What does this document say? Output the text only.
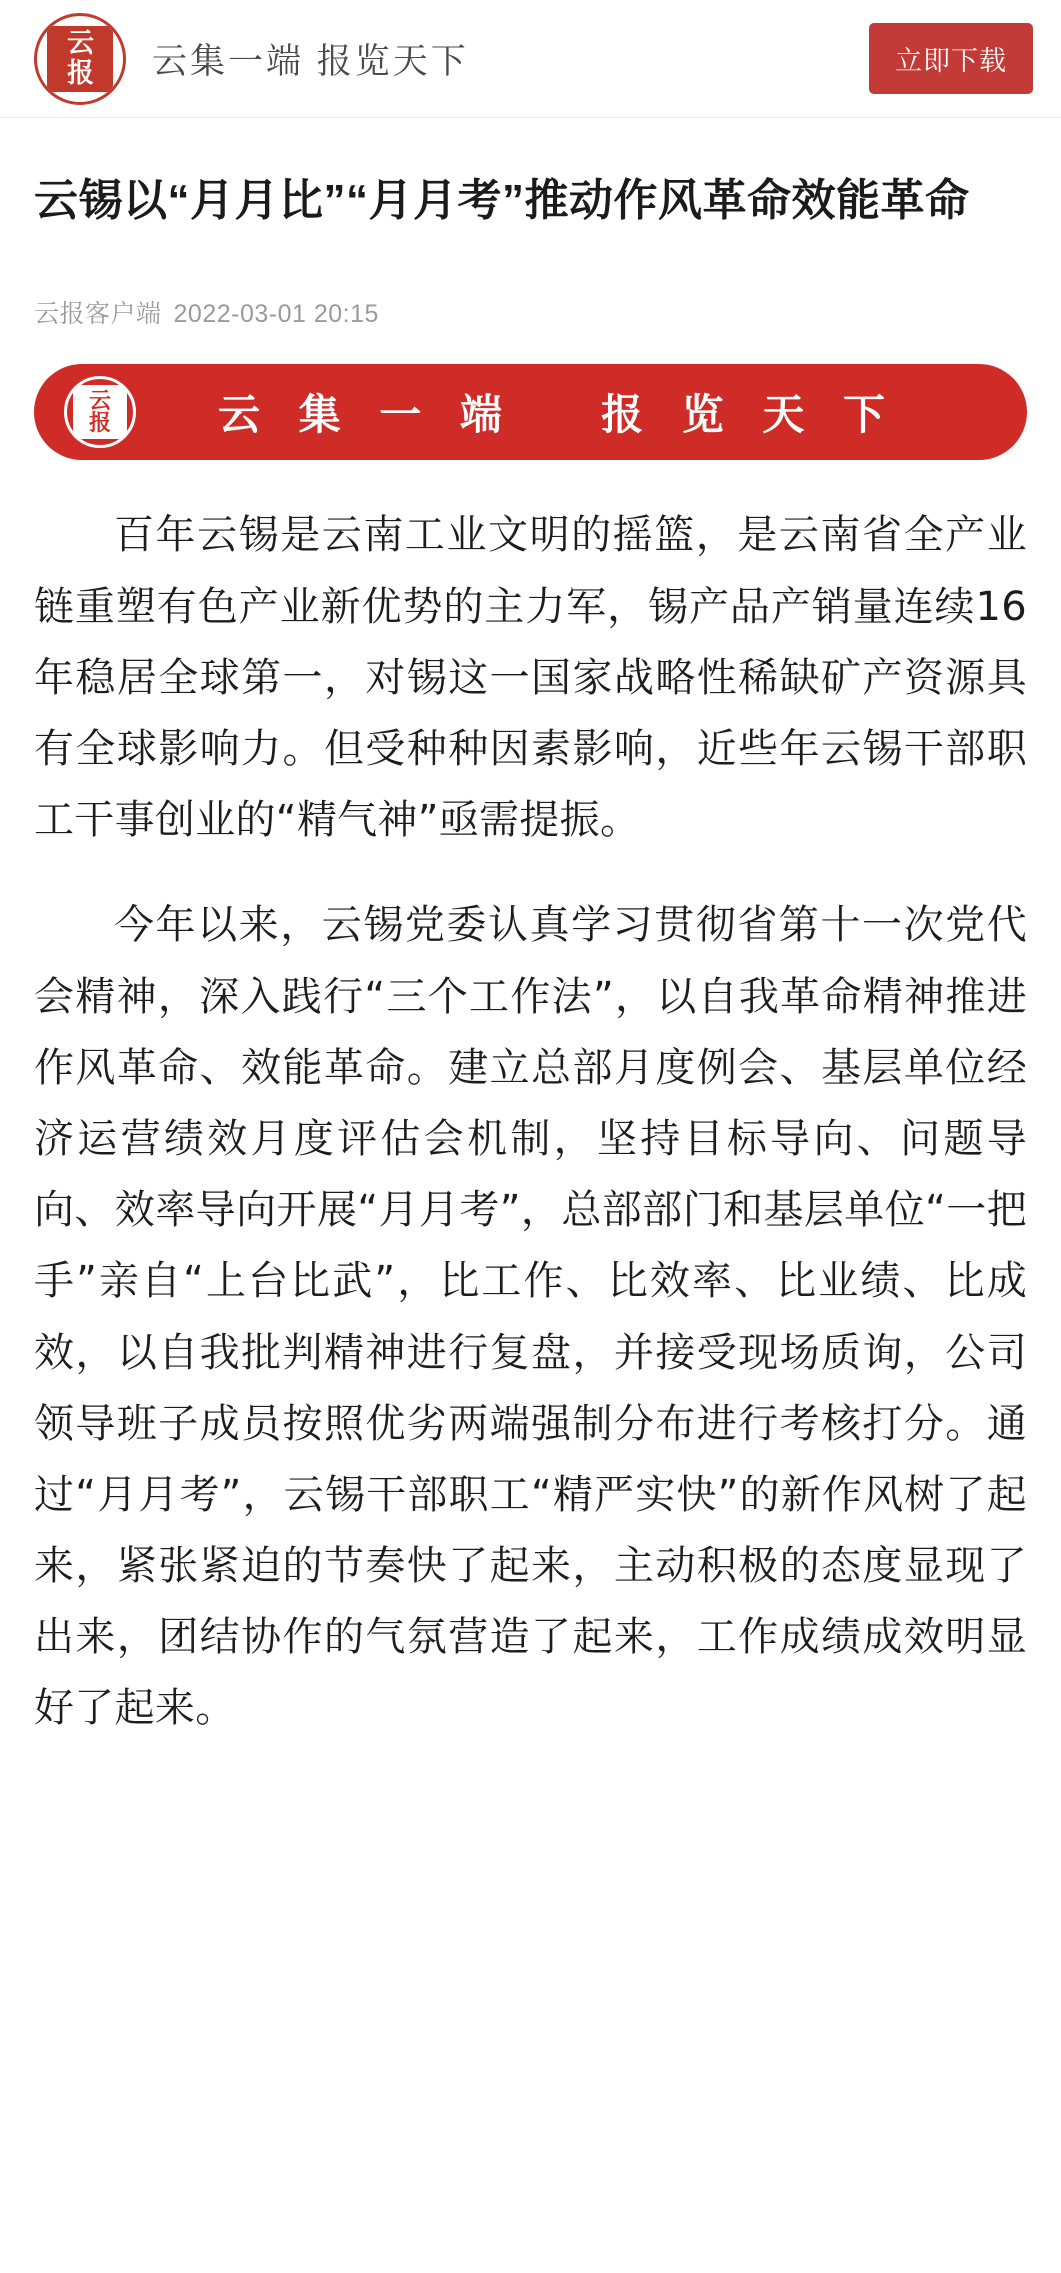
云
报 云集一端 报览天下	立即下载
云锡以“月月比”“月月考”推动作风革命效能革命
云报客户端 2022-03-01 20:15
云
报	云 集 一 端 报 览 天 下

百年云锡是云南工业文明的摇篮，是云南省全产业链重塑有色产业新优势的主力军，锡产品产销量连续16年稳居全球第一，对锡这一国家战略性稀缺矿产资源具有全球影响力。但受种种因素影响，近些年云锡干部职工干事创业的“精气神”亟需提振。

今年以来，云锡党委认真学习贯彻省第十一次党代会精神，深入践行“三个工作法”，以自我革命精神推进作风革命、效能革命。建立总部月度例会、基层单位经济运营绩效月度评估会机制，坚持目标导向、问题导向、效率导向开展“月月考”，总部部门和基层单位“一把手”亲自“上台比武”，比工作、比效率、比业绩、比成效，以自我批判精神进行复盘，并接受现场质询，公司领导班子成员按照优劣两端强制分布进行考核打分。通过“月月考”，云锡干部职工“精严实快”的新作风树了起来，紧张紧迫的节奏快了起来，主动积极的态度显现了出来，团结协作的气氛营造了起来，工作成绩成效明显好了起来。
